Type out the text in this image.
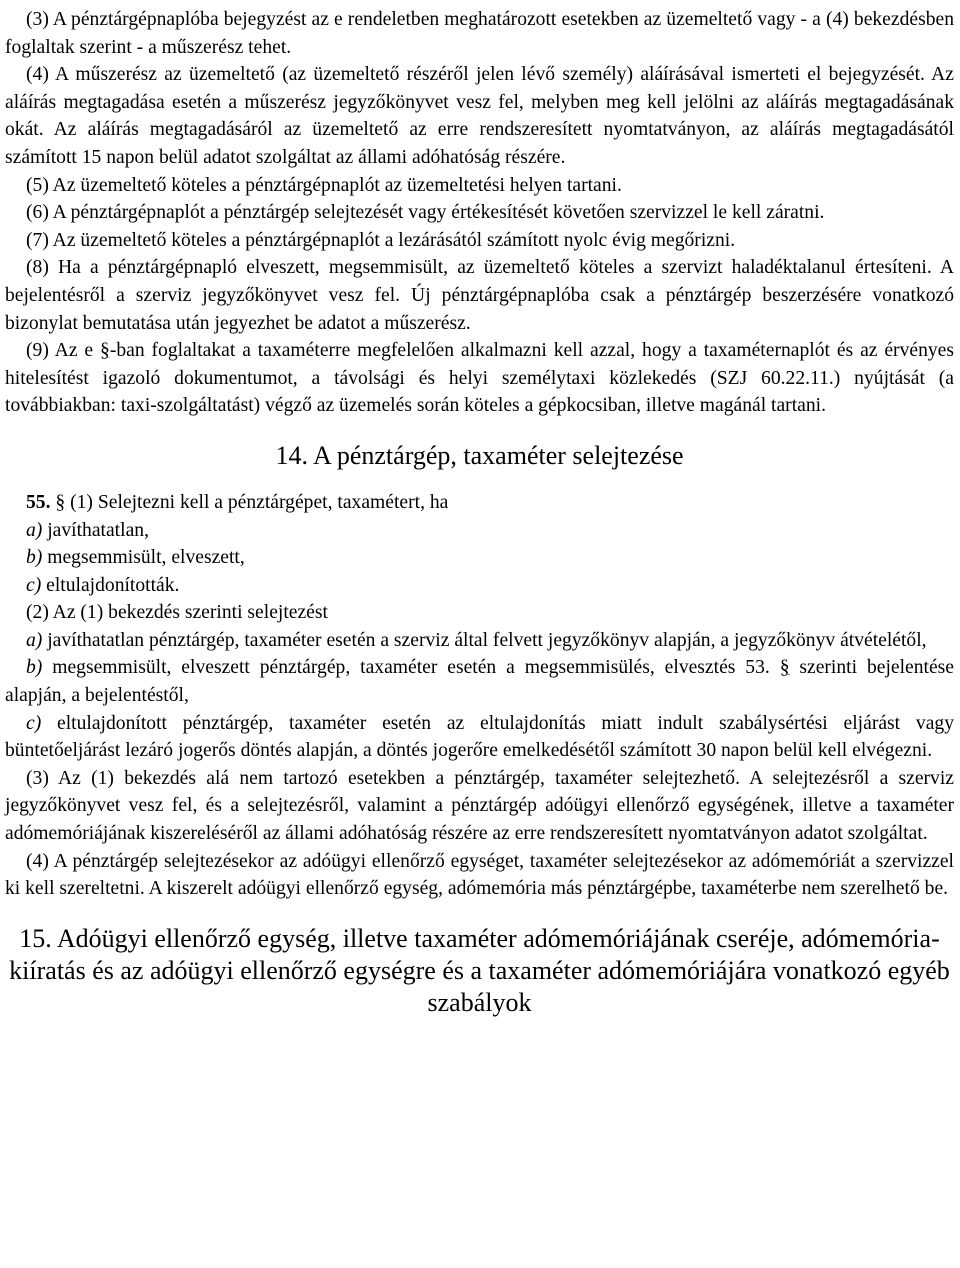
(3) A pénztárgépnaplóba bejegyzést az e rendeletben meghatározott esetekben az üzemeltető vagy - a (4) bekezdésben foglaltak szerint - a műszerész tehet.

(4) A műszerész az üzemeltető (az üzemeltető részéről jelen lévő személy) aláírásával ismerteti el bejegyzését. Az aláírás megtagadása esetén a műszerész jegyzőkönyvet vesz fel, melyben meg kell jelölni az aláírás megtagadásának okát. Az aláírás megtagadásáról az üzemeltető az erre rendszeresített nyomtatványon, az aláírás megtagadásától számított 15 napon belül adatot szolgáltat az állami adóhatóság részére.

(5) Az üzemeltető köteles a pénztárgépnaplót az üzemeltetési helyen tartani.

(6) A pénztárgépnaplót a pénztárgép selejtezését vagy értékesítését követően szervizzel le kell záratni.

(7) Az üzemeltető köteles a pénztárgépnaplót a lezárásától számított nyolc évig megőrizni.

(8) Ha a pénztárgépnapló elveszett, megsemmisült, az üzemeltető köteles a szervizt haladéktalanul értesíteni. A bejelentésről a szerviz jegyzőkönyvet vesz fel. Új pénztárgépnaplóba csak a pénztárgép beszerzésére vonatkozó bizonylat bemutatása után jegyezhet be adatot a műszerész.

(9) Az e §-ban foglaltakat a taxaméterre megfelelően alkalmazni kell azzal, hogy a taxaméternaplót és az érvényes hitelesítést igazoló dokumentumot, a távolsági és helyi személytaxi közlekedés (SZJ 60.22.11.) nyújtását (a továbbiakban: taxi-szolgáltatást) végző az üzemelés során köteles a gépkocsiban, illetve magánál tartani.

14. A pénztárgép, taxaméter selejtezése

55. § (1) Selejtezni kell a pénztárgépet, taxamétert, ha

a) javíthatatlan,

b) megsemmisült, elveszett,

c) eltulajdonították.

(2) Az (1) bekezdés szerinti selejtezést

a) javíthatatlan pénztárgép, taxaméter esetén a szerviz által felvett jegyzőkönyv alapján, a jegyzőkönyv átvételétől,

b) megsemmisült, elveszett pénztárgép, taxaméter esetén a megsemmisülés, elvesztés 53. § szerinti bejelentése alapján, a bejelentéstől,

c) eltulajdonított pénztárgép, taxaméter esetén az eltulajdonítás miatt indult szabálysértési eljárást vagy büntetőeljárást lezáró jogerős döntés alapján, a döntés jogerőre emelkedésétől számított 30 napon belül kell elvégezni.

(3) Az (1) bekezdés alá nem tartozó esetekben a pénztárgép, taxaméter selejtezhető. A selejtezésről a szerviz jegyzőkönyvet vesz fel, és a selejtezésről, valamint a pénztárgép adóügyi ellenőrző egységének, illetve a taxaméter adómemóriájának kiszereléséről az állami adóhatóság részére az erre rendszeresített nyomtatványon adatot szolgáltat.

(4) A pénztárgép selejtezésekor az adóügyi ellenőrző egységet, taxaméter selejtezésekor az adómemóriát a szervizzel ki kell szereltetni. A kiszerelt adóügyi ellenőrző egység, adómemória más pénztárgépbe, taxaméterbe nem szerelhető be.

15. Adóügyi ellenőrző egység, illetve taxaméter adómemóriájának cseréje, adómemória-kiíratás és az adóügyi ellenőrző egységre és a taxaméter adómemóriájára vonatkozó egyéb szabályok
